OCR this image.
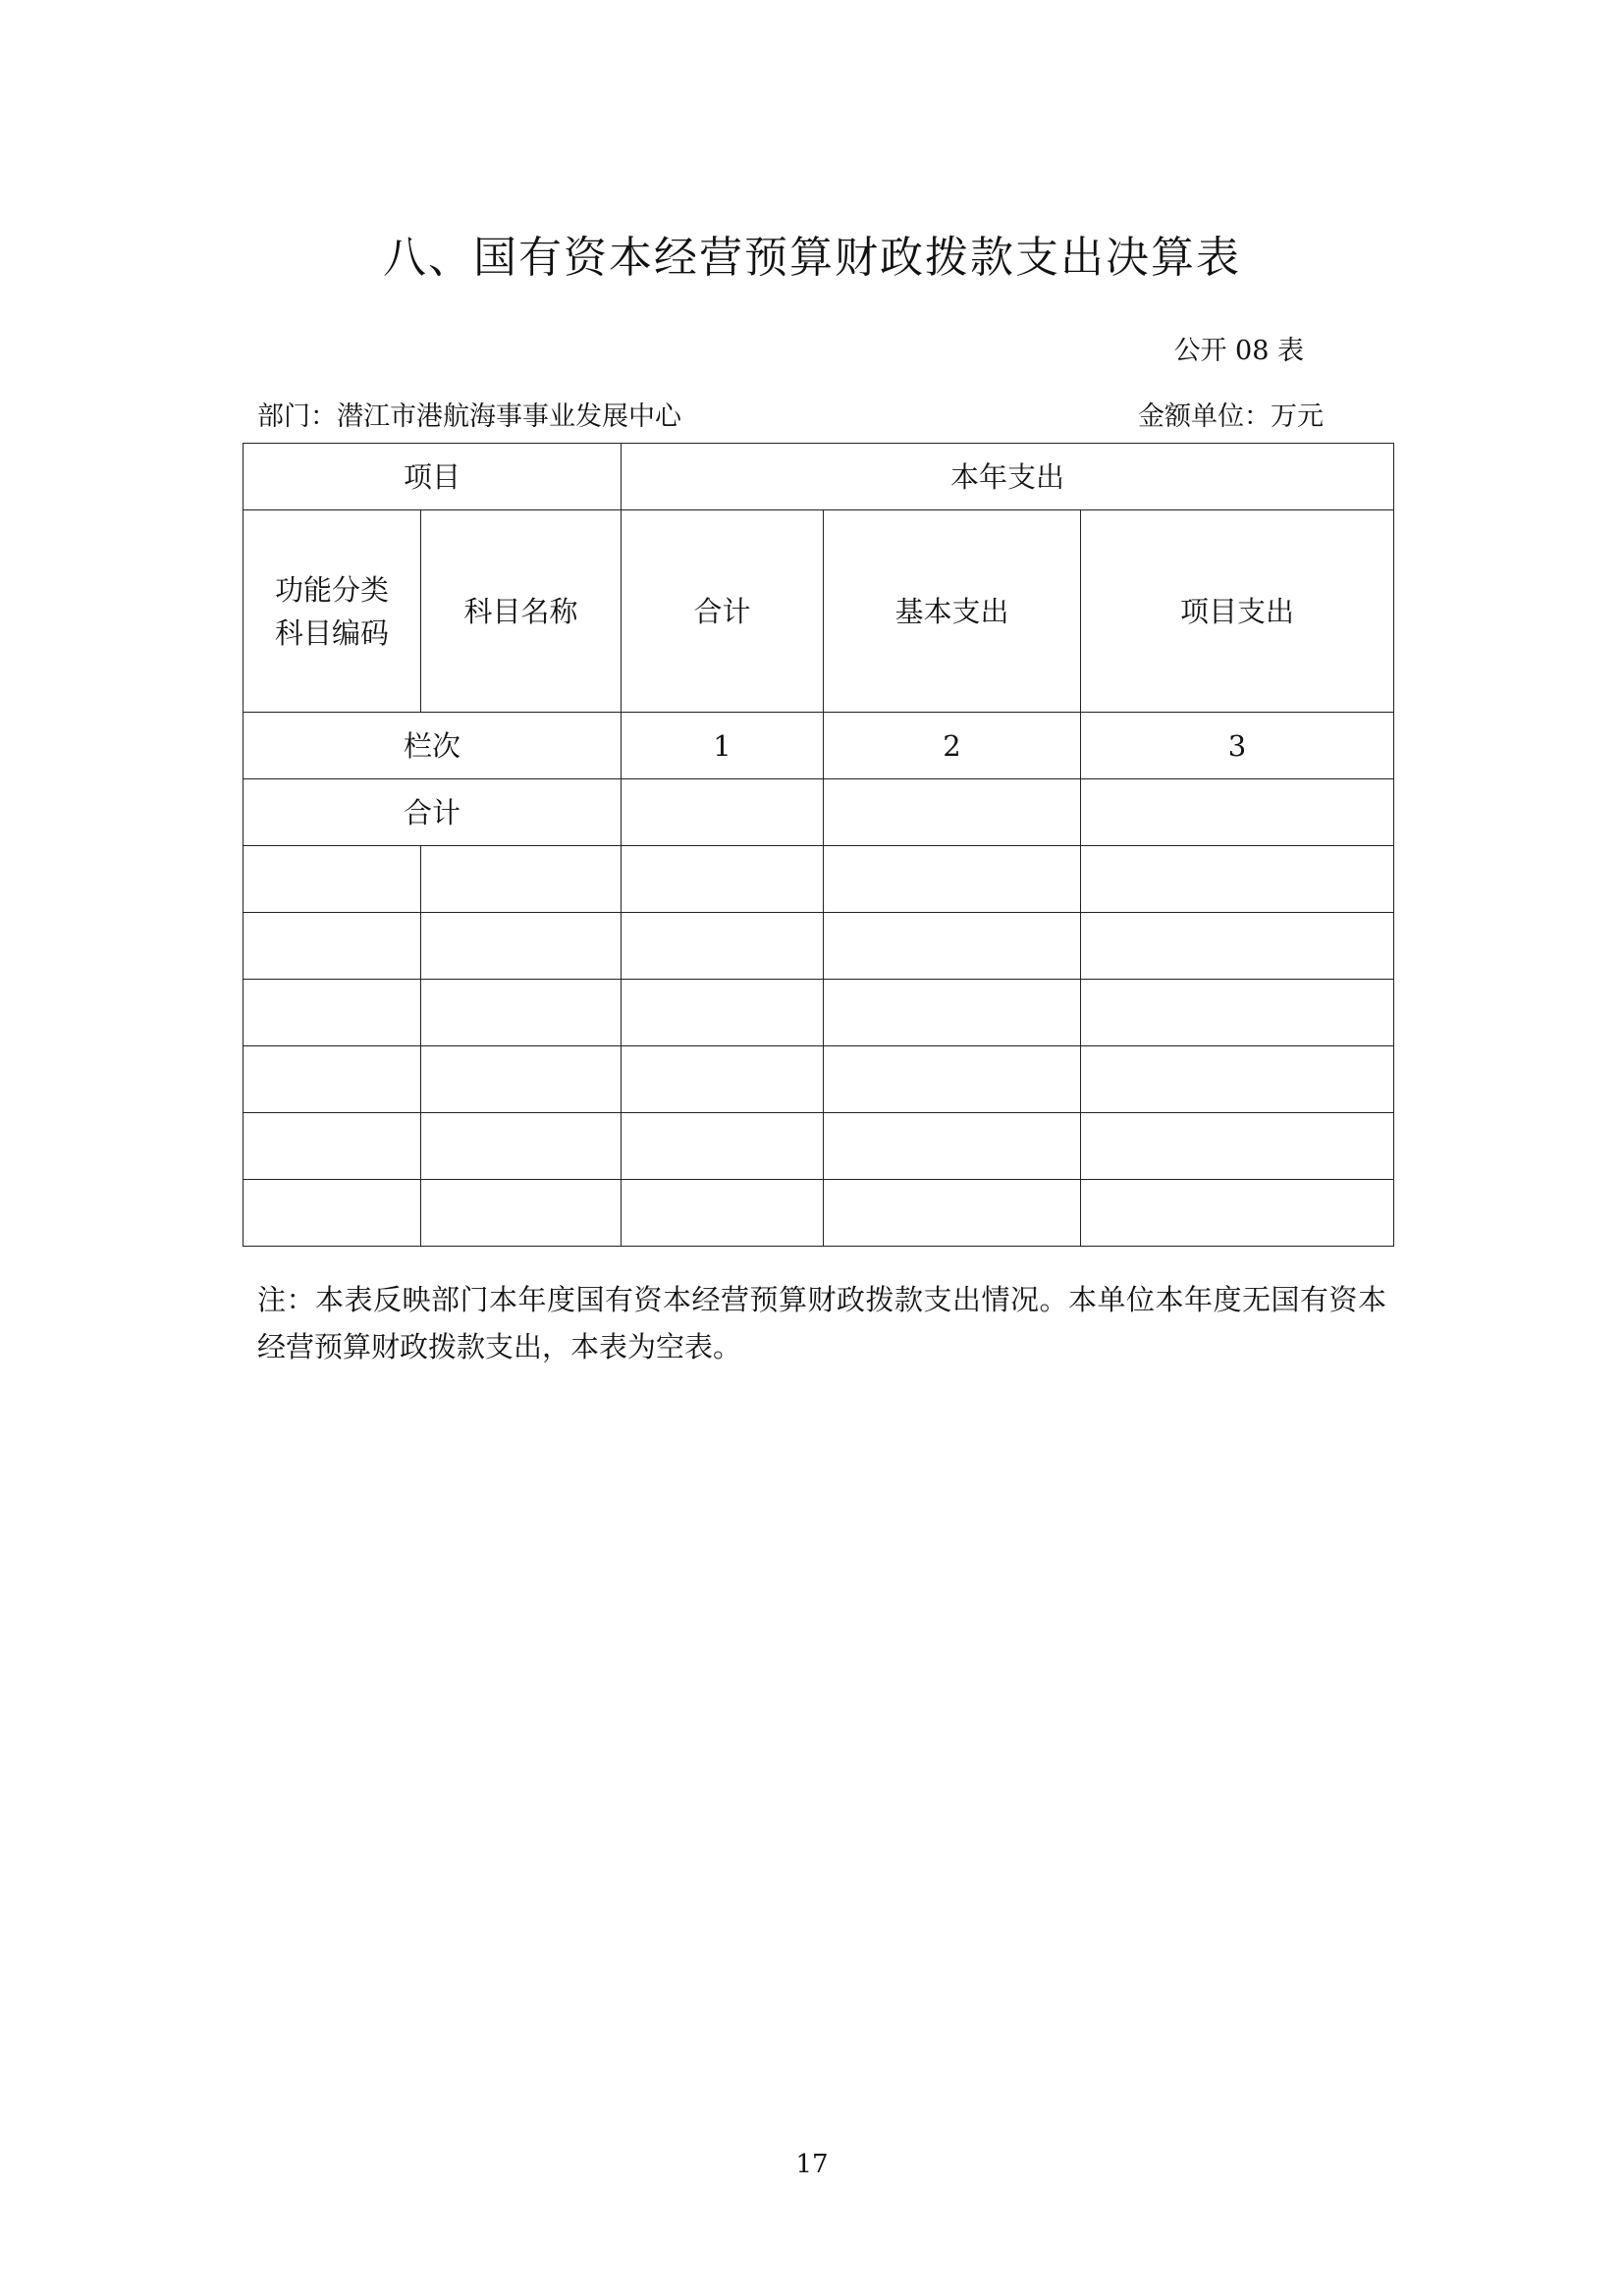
八、国有资本经营预算财政拨款支出决算表
公开 08 表
部门：潜江市港航海事事业发展中心	金额单位：万元
项目		本年支出		

功能分类
科目编码	科目名称	合计	基本支出	项目支出
栏次		1	2	3
合计				

注：本表反映部门本年度国有资本经营预算财政拨款支出情况。本单位本年度无国有资本经营预算财政拨款支出，本表为空表。
17
